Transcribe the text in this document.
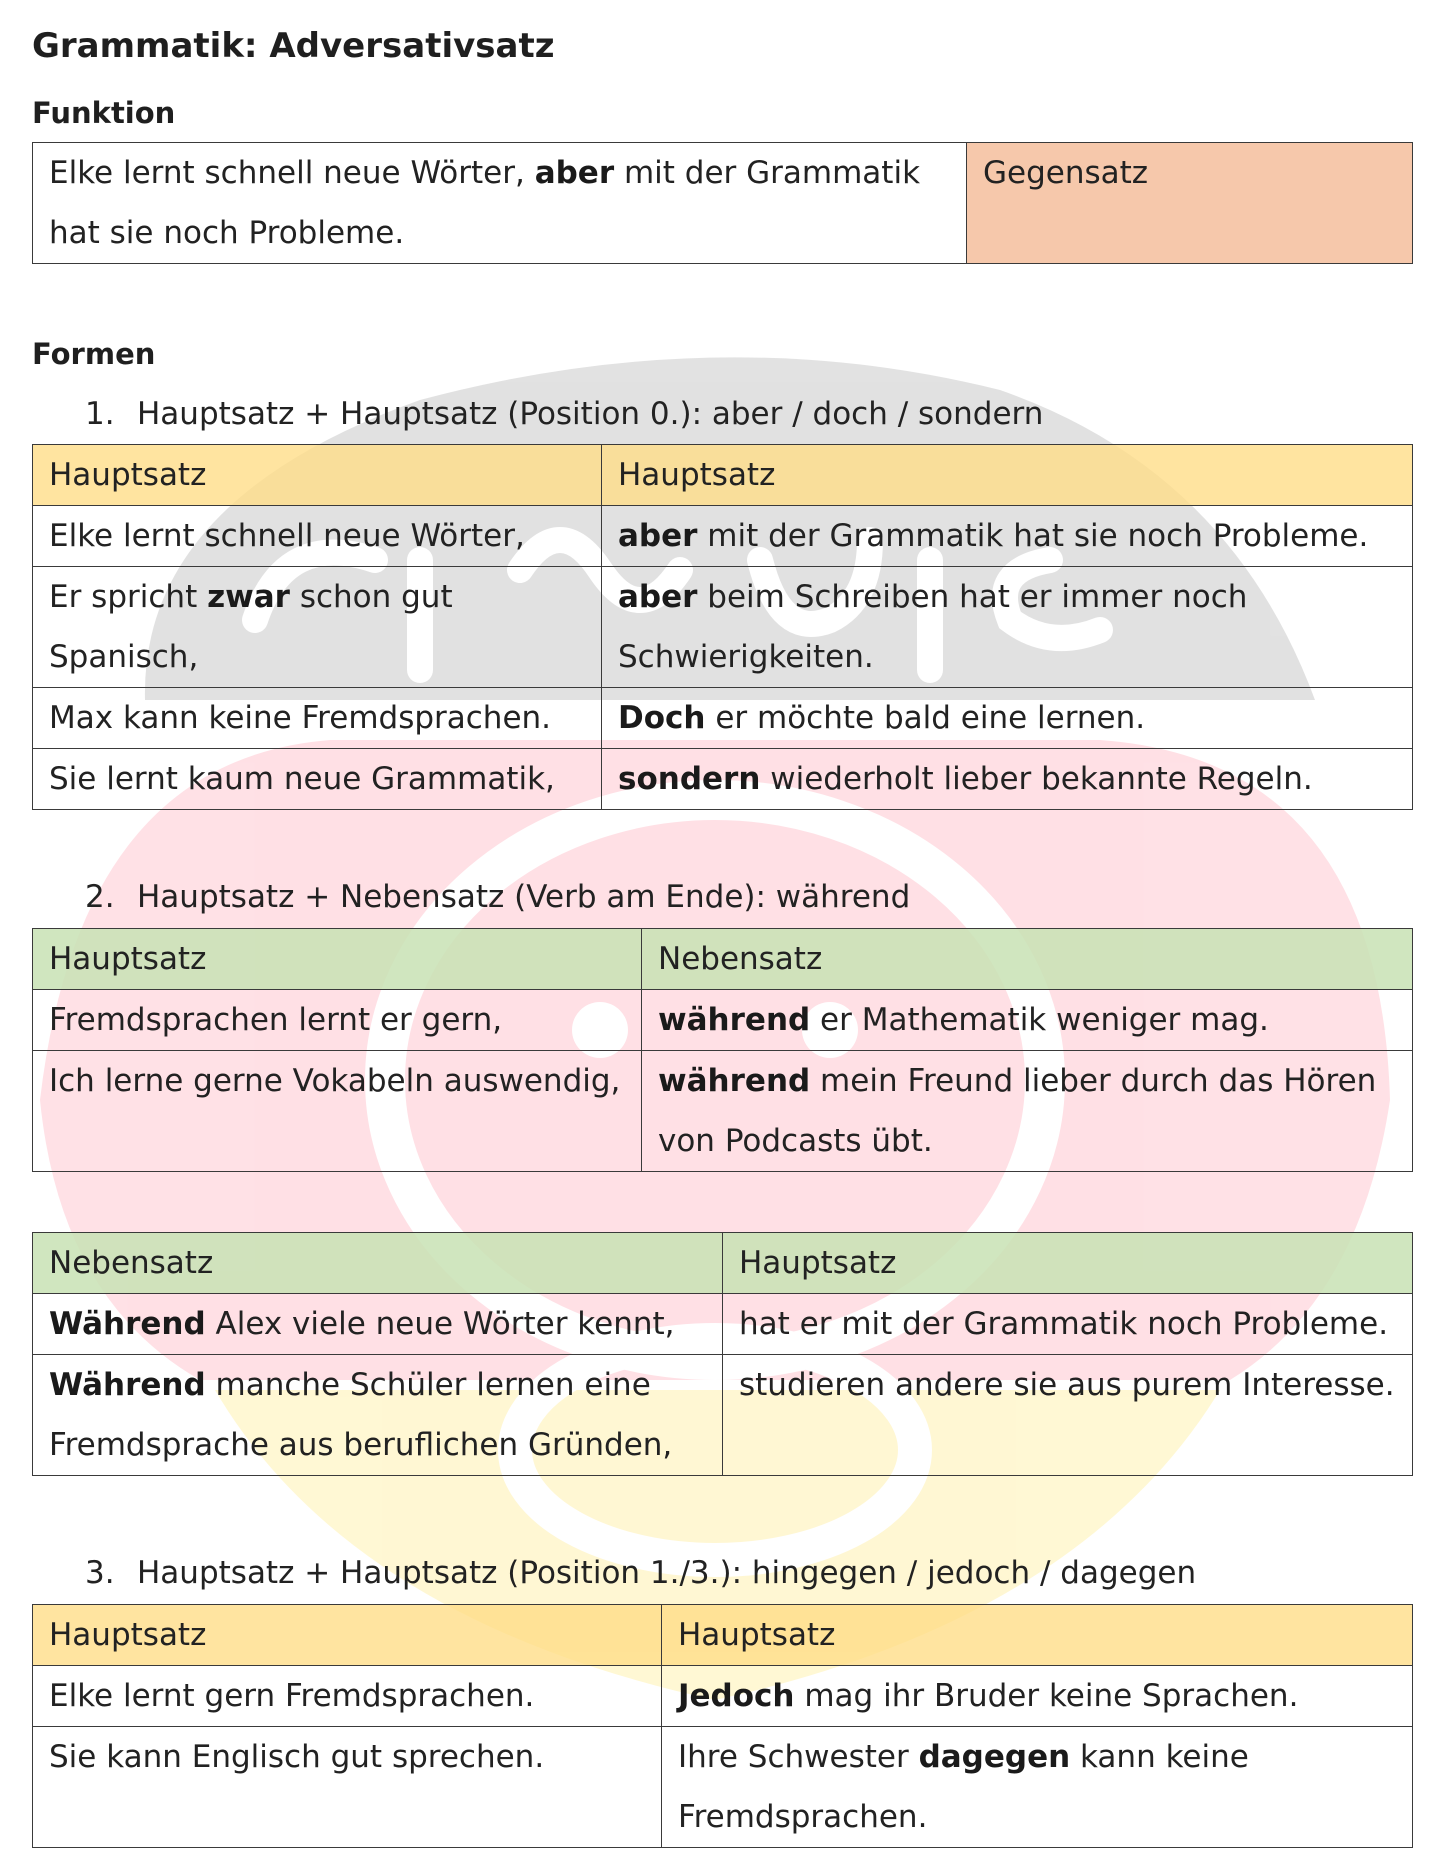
Grammatik: Adversativsatz
Funktion
Elke lernt schnell neue Wörter, aber mit der Grammatik hat sie noch Probleme.	Gegensatz
Formen
1. Hauptsatz + Hauptsatz (Position 0.): aber / doch / sondern
Hauptsatz	Hauptsatz
Elke lernt schnell neue Wörter,	aber mit der Grammatik hat sie noch Probleme.
Er spricht zwar schon gut Spanisch,	aber beim Schreiben hat er immer noch Schwierigkeiten.
Max kann keine Fremdsprachen.	Doch er möchte bald eine lernen.
Sie lernt kaum neue Grammatik,	sondern wiederholt lieber bekannte Regeln.
2. Hauptsatz + Nebensatz (Verb am Ende): während
Hauptsatz	Nebensatz
Fremdsprachen lernt er gern,	während er Mathematik weniger mag.
Ich lerne gerne Vokabeln auswendig,	während mein Freund lieber durch das Hören von Podcasts übt.
Nebensatz	Hauptsatz
Während Alex viele neue Wörter kennt,	hat er mit der Grammatik noch Probleme.
Während manche Schüler lernen eine Fremdsprache aus beruflichen Gründen,	studieren andere sie aus purem Interesse.
3. Hauptsatz + Hauptsatz (Position 1./3.): hingegen / jedoch / dagegen
Hauptsatz	Hauptsatz
Elke lernt gern Fremdsprachen.	Jedoch mag ihr Bruder keine Sprachen.
Sie kann Englisch gut sprechen.	Ihre Schwester dagegen kann keine Fremdsprachen.
